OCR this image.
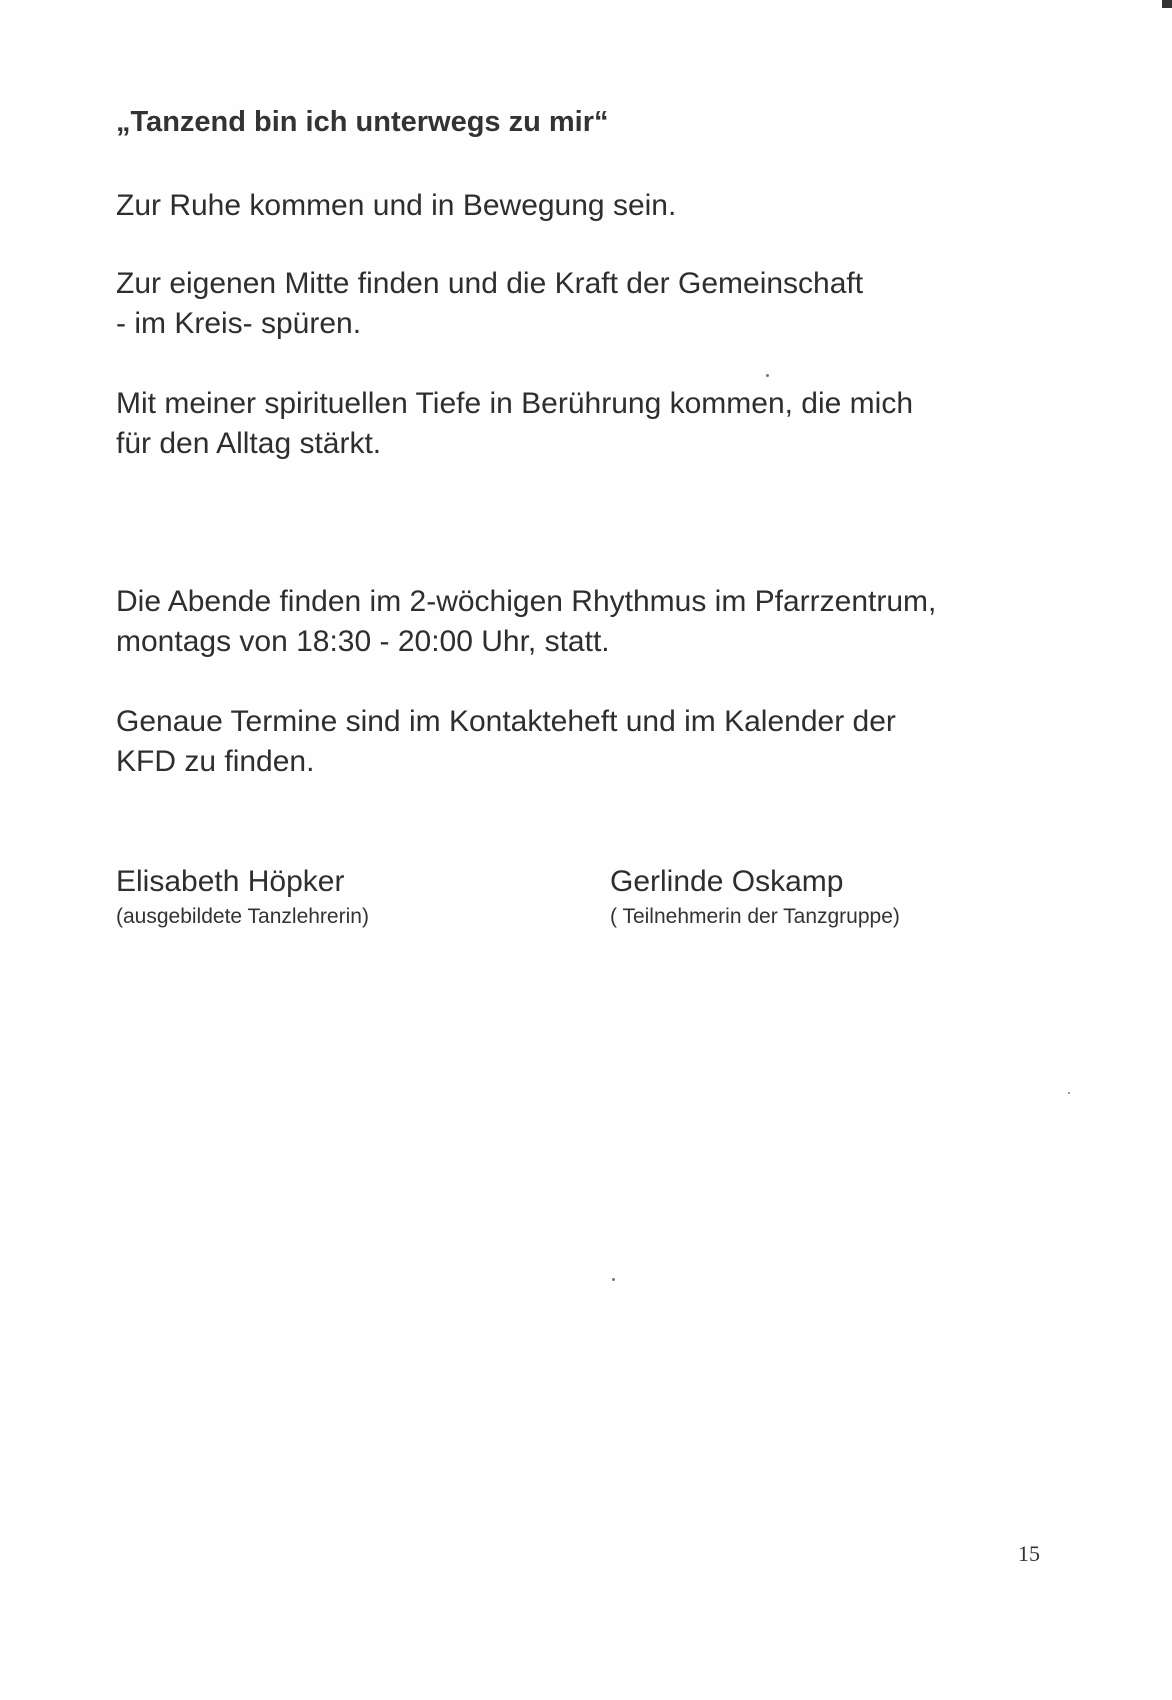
„Tanzend bin ich unterwegs zu mir“
Zur Ruhe kommen und in Bewegung sein.
Zur eigenen Mitte finden und die Kraft der Gemeinschaft
- im Kreis- spüren.
Mit meiner spirituellen Tiefe in Berührung kommen, die mich
für den Alltag stärkt.
Die Abende finden im 2-wöchigen Rhythmus im Pfarrzentrum,
montags von 18:30 - 20:00 Uhr, statt.
Genaue Termine sind im Kontakteheft und im Kalender der
KFD zu finden.
Elisabeth Höpker
(ausgebildete Tanzlehrerin)
Gerlinde Oskamp
( Teilnehmerin der Tanzgruppe)
15
